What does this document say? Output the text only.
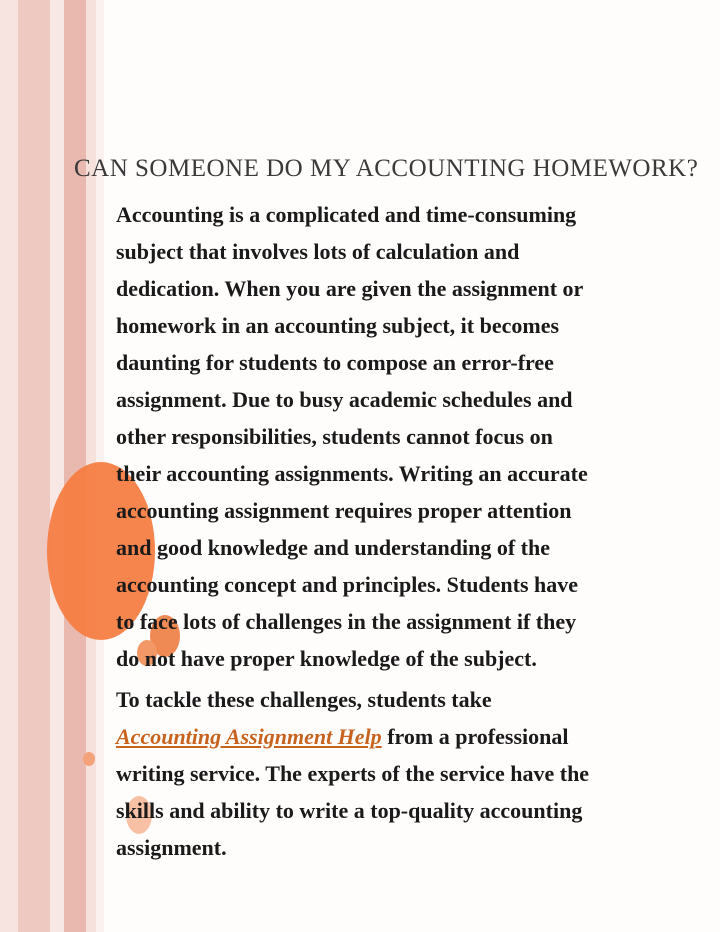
CAN SOMEONE DO MY ACCOUNTING HOMEWORK?

Accounting is a complicated and time-consuming subject that involves lots of calculation and dedication. When you are given the assignment or homework in an accounting subject, it becomes daunting for students to compose an error-free assignment. Due to busy academic schedules and other responsibilities, students cannot focus on their accounting assignments. Writing an accurate accounting assignment requires proper attention and good knowledge and understanding of the accounting concept and principles. Students have to face lots of challenges in the assignment if they do not have proper knowledge of the subject.

To tackle these challenges, students take Accounting Assignment Help from a professional writing service. The experts of the service have the skills and ability to write a top-quality accounting assignment.
